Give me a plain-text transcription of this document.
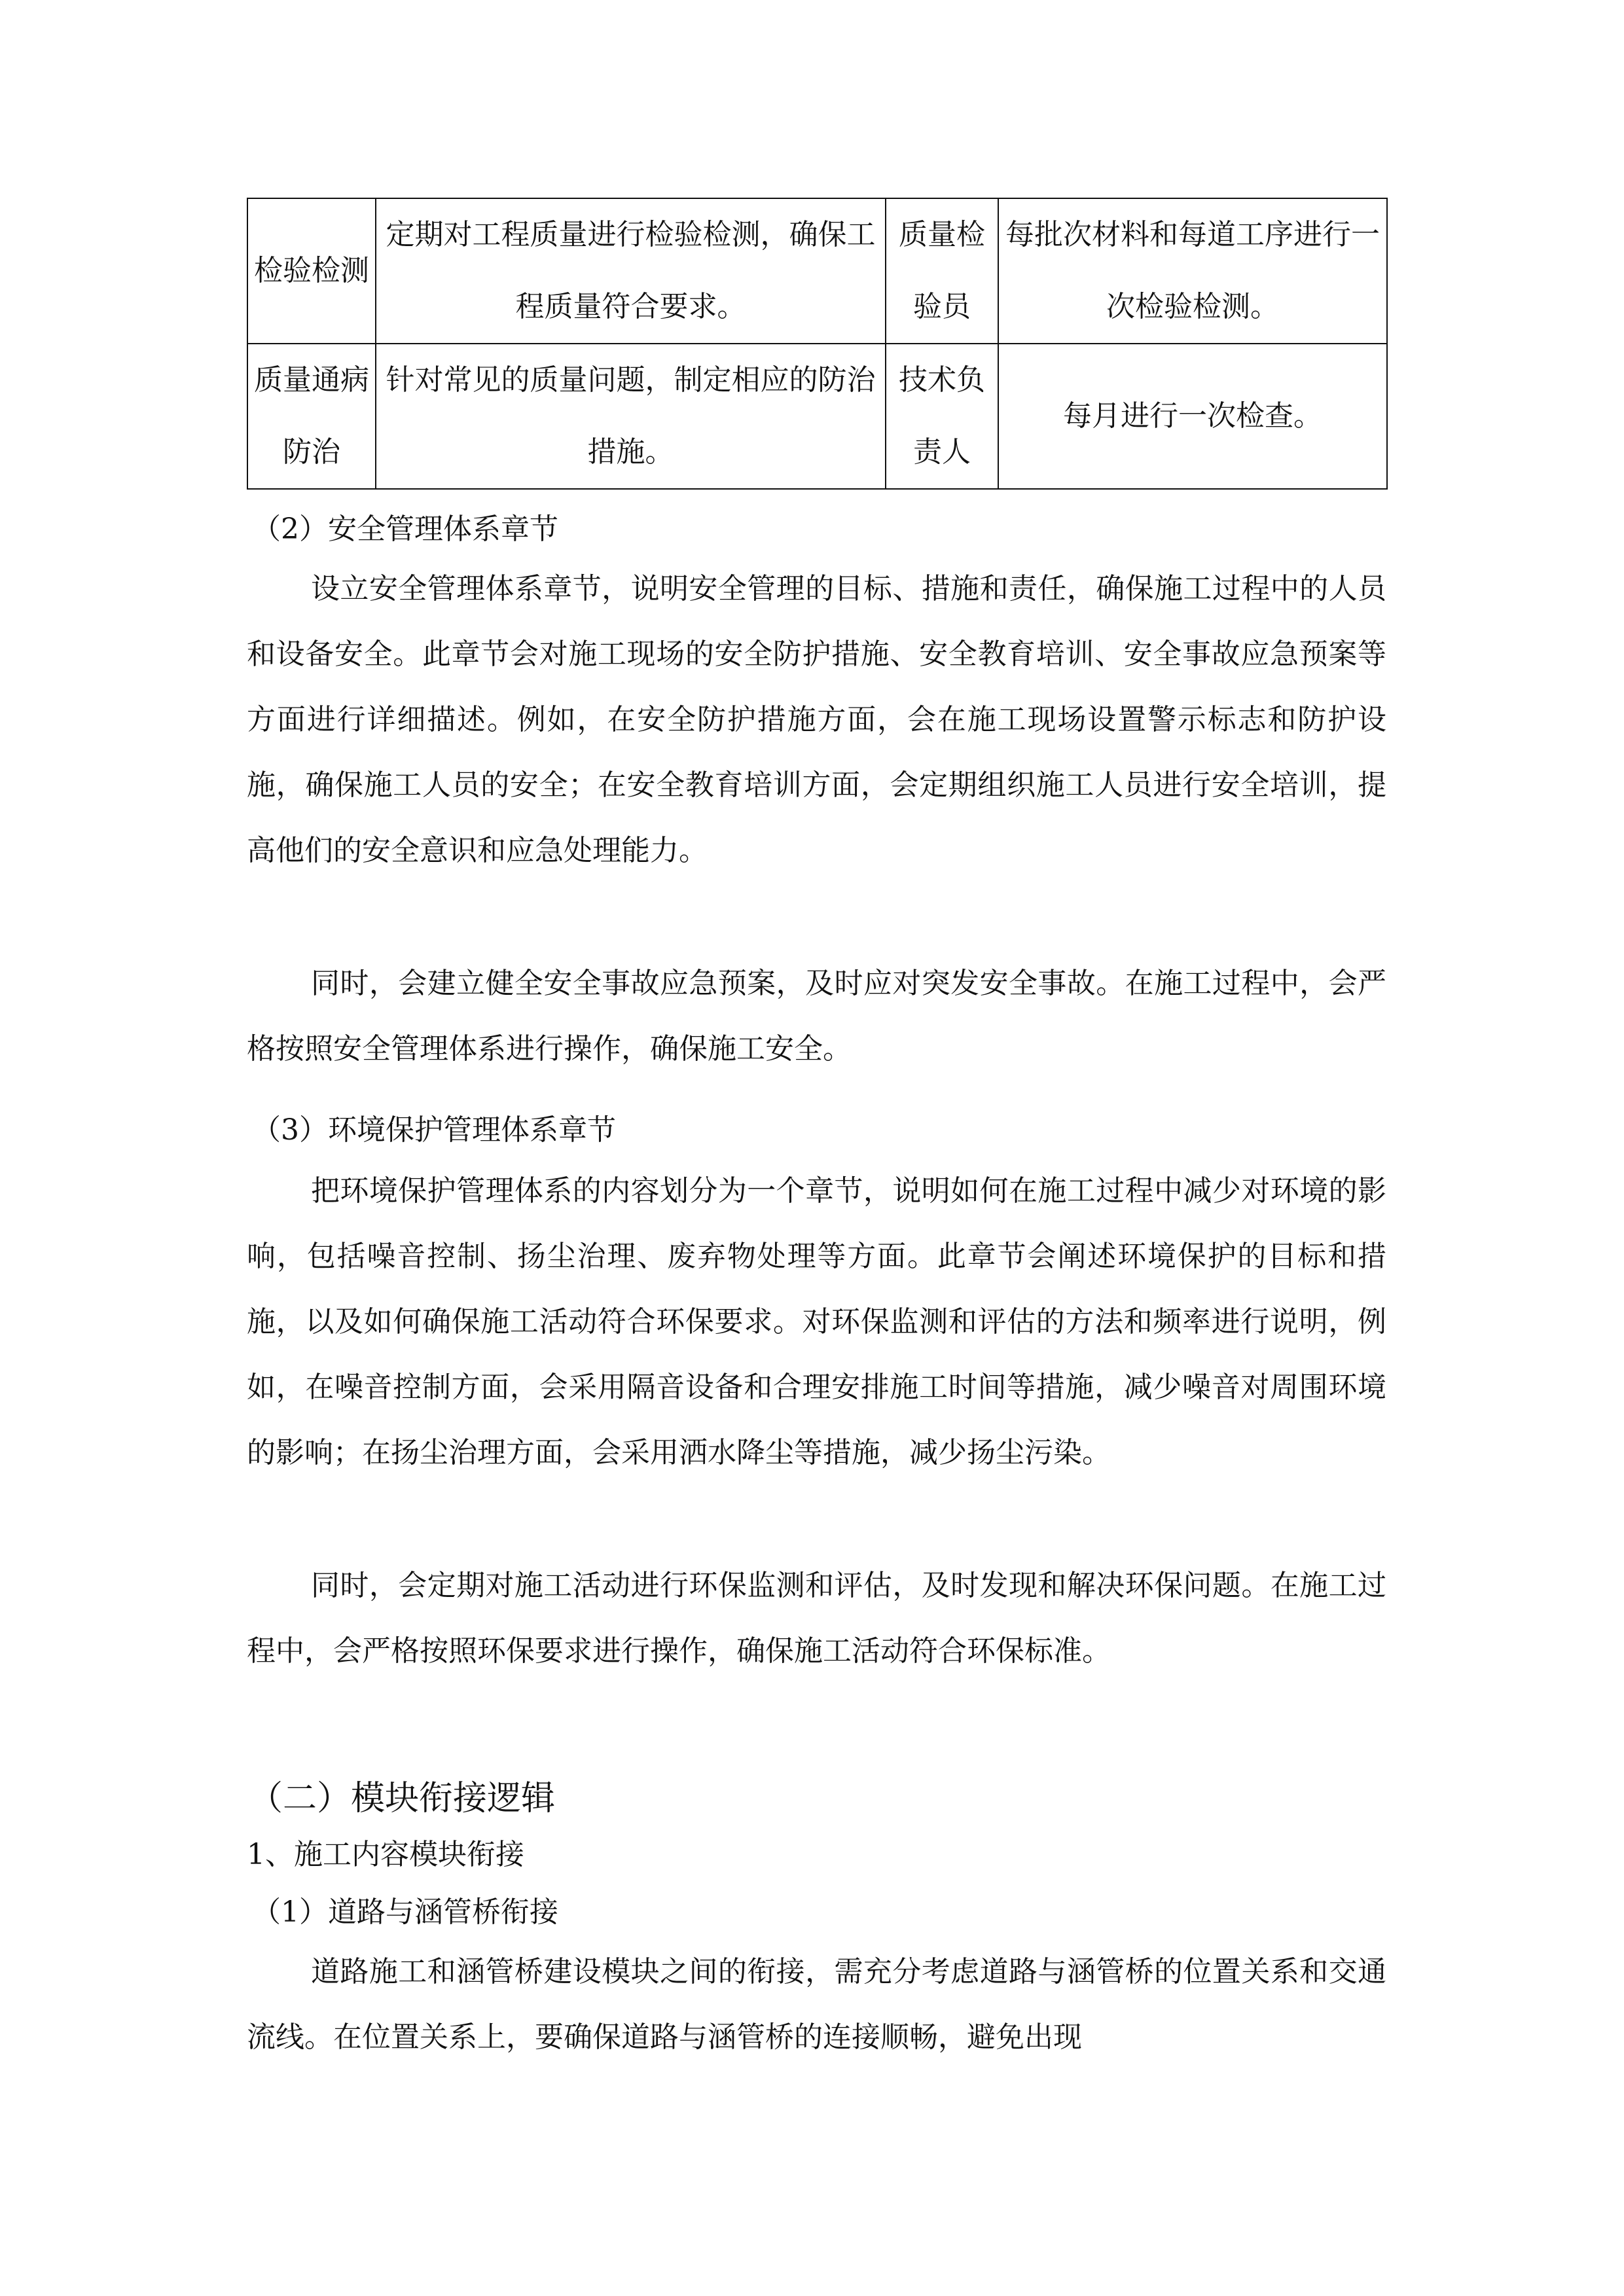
检验检测	定期对工程质量进行检验检测，确保工程质量符合要求。	质量检验员	每批次材料和每道工序进行一次检验检测。
质量通病防治	针对常见的质量问题，制定相应的防治措施。	技术负责人	每月进行一次检查。
（2）安全管理体系章节

设立安全管理体系章节，说明安全管理的目标、措施和责任，确保施工过程中的人员和设备安全。此章节会对施工现场的安全防护措施、安全教育培训、安全事故应急预案等方面进行详细描述。例如，在安全防护措施方面，会在施工现场设置警示标志和防护设施，确保施工人员的安全；在安全教育培训方面，会定期组织施工人员进行安全培训，提高他们的安全意识和应急处理能力。

同时，会建立健全安全事故应急预案，及时应对突发安全事故。在施工过程中，会严格按照安全管理体系进行操作，确保施工安全。

（3）环境保护管理体系章节

把环境保护管理体系的内容划分为一个章节，说明如何在施工过程中减少对环境的影响，包括噪音控制、扬尘治理、废弃物处理等方面。此章节会阐述环境保护的目标和措施，以及如何确保施工活动符合环保要求。对环保监测和评估的方法和频率进行说明，例如，在噪音控制方面，会采用隔音设备和合理安排施工时间等措施，减少噪音对周围环境的影响；在扬尘治理方面，会采用洒水降尘等措施，减少扬尘污染。

同时，会定期对施工活动进行环保监测和评估，及时发现和解决环保问题。在施工过程中，会严格按照环保要求进行操作，确保施工活动符合环保标准。

（二）模块衔接逻辑
1、施工内容模块衔接
（1）道路与涵管桥衔接

道路施工和涵管桥建设模块之间的衔接，需充分考虑道路与涵管桥的位置关系和交通流线。在位置关系上，要确保道路与涵管桥的连接顺畅，避免出现
